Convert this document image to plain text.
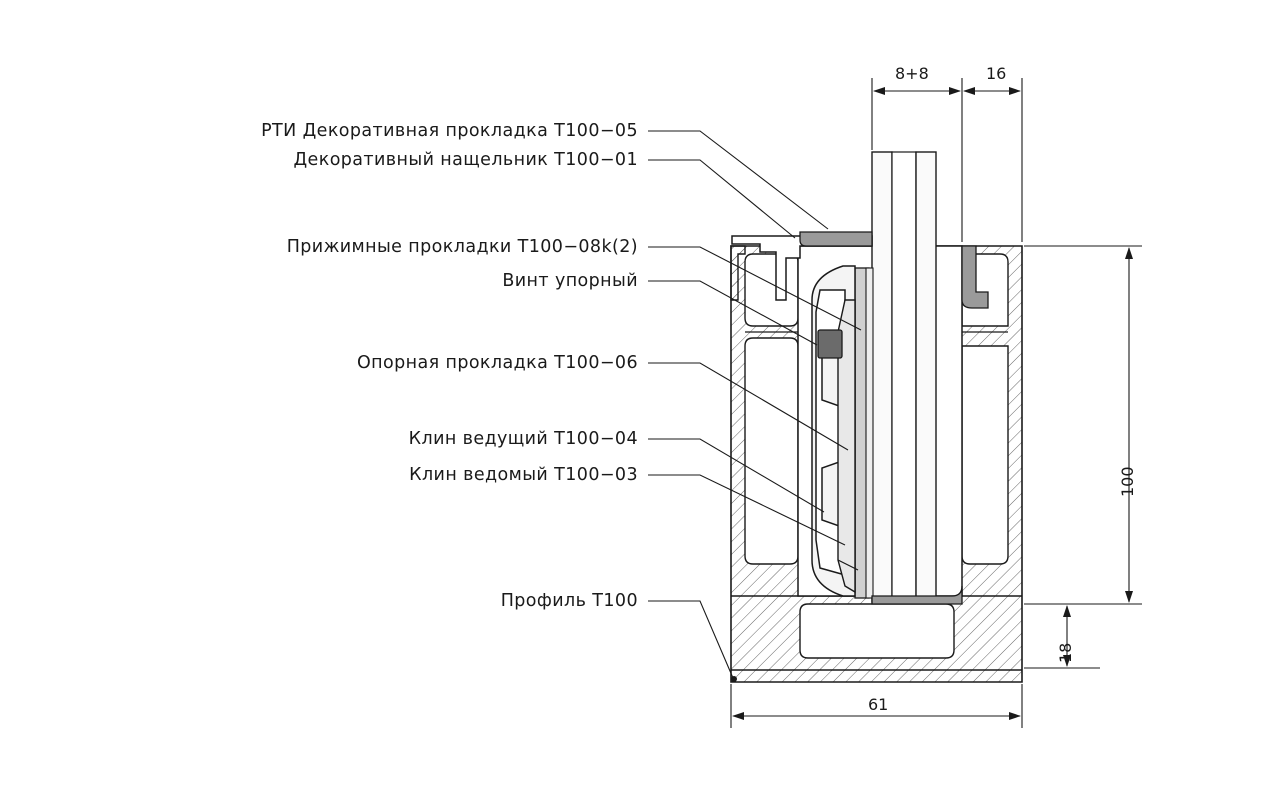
РТИ Декоративная прокладка T100−05
Декоративный нащельник T100−01
Прижимные прокладки T100−08k(2)
Винт упорный
Опорная прокладка T100−06
Клин ведущий T100−04
Клин ведомый T100−03
Профиль T100
8+8	16
100
18
61
